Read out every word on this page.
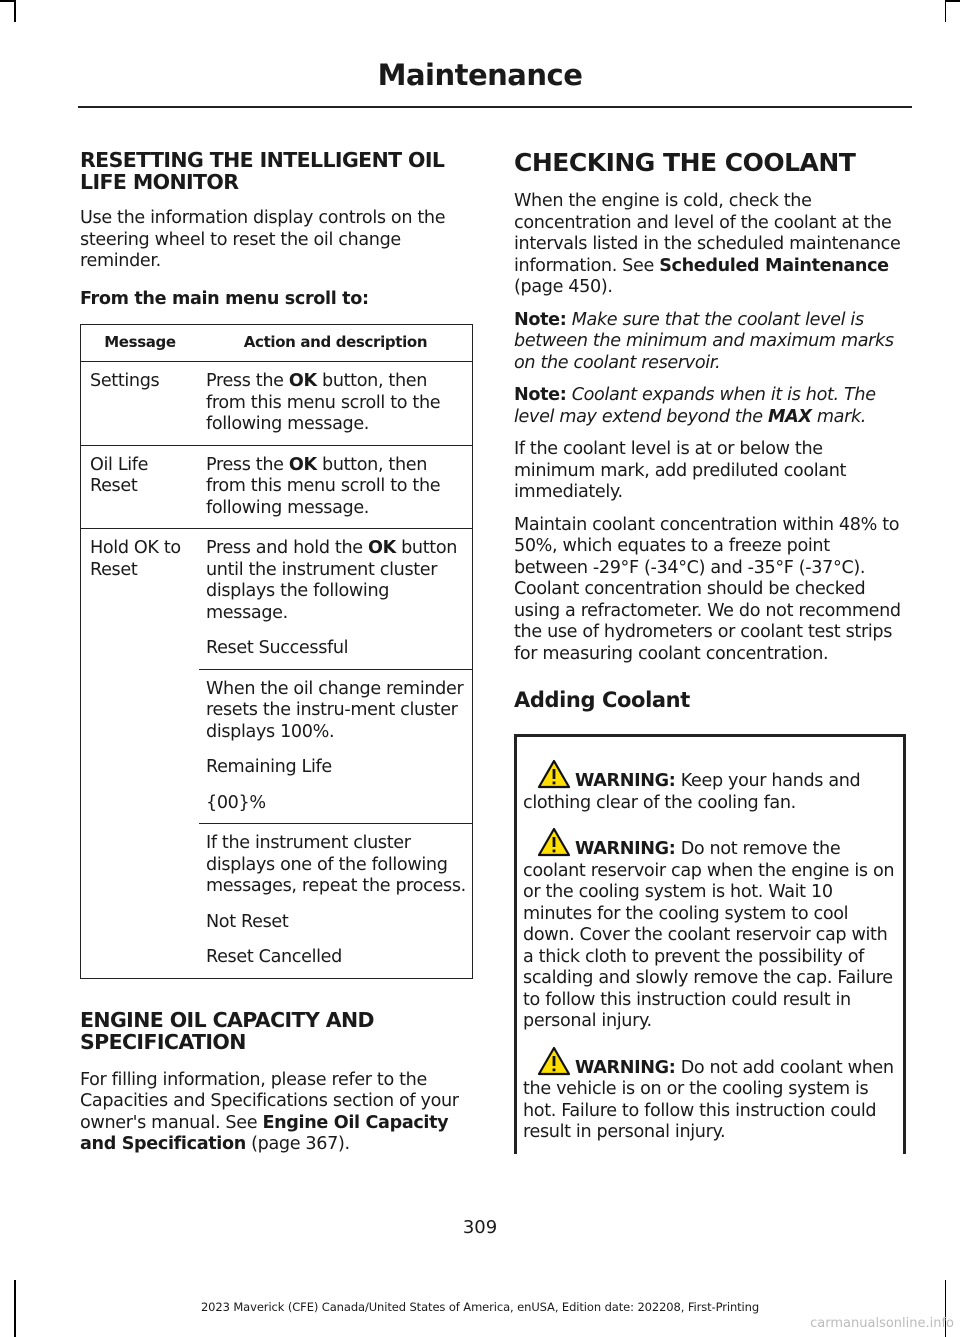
Maintenance
RESETTING THE INTELLIGENT OIL LIFE MONITOR

Use the information display controls on the steering wheel to reset the oil change reminder.

From the main menu scroll to:

Message	Action and description
Settings	Press the OK button, then from this menu scroll to the following message.
Oil Life Reset	Press the OK button, then from this menu scroll to the following message.
Hold OK to Reset	Press and hold the OK button until the instrument cluster displays the following message.
Reset Successful

	When the oil change reminder resets the instru-ment cluster displays 100%.
Remaining Life
{00}%

	If the instrument cluster displays one of the following messages, repeat the process.
Not Reset
Reset Cancelled
ENGINE OIL CAPACITY AND SPECIFICATION

For filling information, please refer to the Capacities and Specifications section of your owner's manual. See Engine Oil Capacity and Specification (page 367).

CHECKING THE COOLANT

When the engine is cold, check the concentration and level of the coolant at the intervals listed in the scheduled maintenance information. See Scheduled Maintenance (page 450).

Note: Make sure that the coolant level is between the minimum and maximum marks on the coolant reservoir.

Note: Coolant expands when it is hot. The level may extend beyond the MAX mark.

If the coolant level is at or below the minimum mark, add prediluted coolant immediately.

Maintain coolant concentration within 48% to 50%, which equates to a freeze point between -29°F (-34°C) and -35°F (-37°C). Coolant concentration should be checked using a refractometer. We do not recommend the use of hydrometers or coolant test strips for measuring coolant concentration.

Adding Coolant

WARNING: Keep your hands and clothing clear of the cooling fan.

WARNING: Do not remove the coolant reservoir cap when the engine is on or the cooling system is hot. Wait 10 minutes for the cooling system to cool down. Cover the coolant reservoir cap with a thick cloth to prevent the possibility of scalding and slowly remove the cap. Failure to follow this instruction could result in personal injury.

WARNING: Do not add coolant when the vehicle is on or the cooling system is hot. Failure to follow this instruction could result in personal injury.

309
2023 Maverick (CFE) Canada/United States of America, enUSA, Edition date: 202208, First-Printing
carmanualsonline.info
